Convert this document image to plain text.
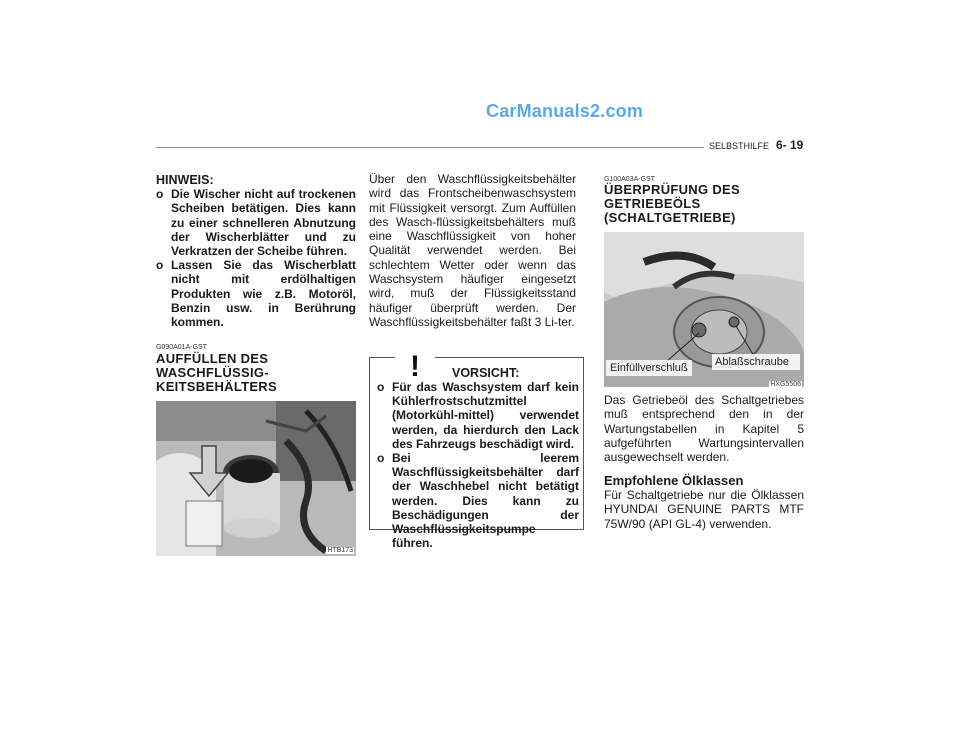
CarManuals2.com
SELBSTHILFE 6- 19
HINWEIS:
o Die Wischer nicht auf trockenen Scheiben betätigen. Dies kann zu einer schnelleren Abnutzung der Wischerblätter und zu Verkratzen der Scheibe führen.
o Lassen Sie das Wischerblatt nicht mit erdölhaltigen Produkten wie z.B. Motoröl, Benzin usw. in Berührung kommen.
G090A01A-GST
AUFFÜLLEN DES
WASCHFLÜSSIG-
KEITSBEHÄLTERS
HTB173
Über den Waschflüssigkeitsbehälter wird das Frontscheibenwaschsystem mit Flüssigkeit versorgt. Zum Auffüllen des Wasch-flüssigkeitsbehälters muß eine Waschflüssigkeit von hoher Qualität verwendet werden. Bei schlechtem Wetter oder wenn das Waschsystem häufiger eingesetzt wird, muß der Flüssigkeitsstand häufiger überprüft werden. Der Waschflüssigkeitsbehälter faßt 3 Li-ter.
!	VORSICHT:
o Für das Waschsystem darf kein Kühlerfrostschutzmittel (Motorkühl-mittel) verwendet werden, da hierdurch den Lack des Fahrzeugs beschädigt wird.
o Bei leerem Waschflüssigkeitsbehälter darf der Waschhebel nicht betätigt werden. Dies kann zu Beschädigungen der Waschflüssigkeitspumpe führen.
G100A03A-GST
ÜBERPRÜFUNG DES
GETRIEBEÖLS
(SCHALTGETRIEBE)
Einfüllverschluß Ablaßschraube
HXG5506
Das Getriebeöl des Schaltgetriebes muß entsprechend den in der Wartungstabellen in Kapitel 5 aufgeführten Wartungsintervallen ausgewechselt werden.
Empfohlene Ölklassen
Für Schaltgetriebe nur die Ölklassen HYUNDAI GENUINE PARTS MTF 75W/90 (API GL-4) verwenden.
